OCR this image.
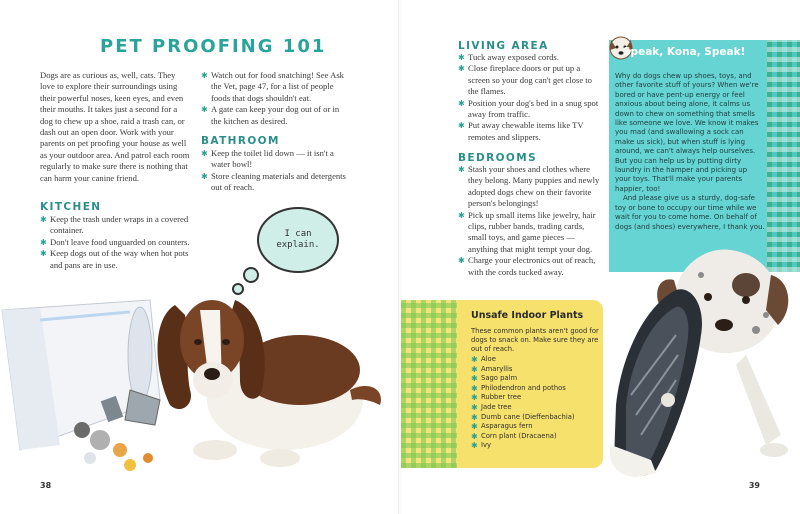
PET PROOFING 101
Dogs are as curious as, well, cats. They love to explore their surroundings using their powerful noses, keen eyes, and even their mouths. It takes just a second for a dog to chew up a shoe, raid a trash can, or dash out an open door. Work with your parents on pet proofing your house as well as your outdoor area. And patrol each room regularly to make sure there is nothing that can harm your canine friend.
KITCHEN
✱ Keep the trash under wraps in a covered container.
✱ Don't leave food unguarded on counters.
✱ Keep dogs out of the way when hot pots and pans are in use.
✱ Watch out for food snatching! See Ask the Vet, page 47, for a list of people foods that dogs shouldn't eat.
✱ A gate can keep your dog out of or in the kitchen as desired.
BATHROOM
✱ Keep the toilet lid down — it isn't a water bowl!
✱ Store cleaning materials and detergents out of reach.
I can
explain.
38
LIVING AREA
✱ Tuck away exposed cords.
✱ Close fireplace doors or put up a screen so your dog can't get close to the flames.
✱ Position your dog's bed in a snug spot away from traffic.
✱ Put away chewable items like TV remotes and slippers.
BEDROOMS
✱ Stash your shoes and clothes where they belong. Many puppies and newly adopted dogs chew on their favorite person's belongings!
✱ Pick up small items like jewelry, hair clips, rubber bands, trading cards, small toys, and game pieces — anything that might tempt your dog.
✱ Charge your electronics out of reach, with the cords tucked away.
Speak, Kona, Speak!

Why do dogs chew up shoes, toys, and other favorite stuff of yours? When we're bored or have pent-up energy or feel anxious about being alone, it calms us down to chew on something that smells like someone we love. We know it makes you mad (and swallowing a sock can make us sick), but when stuff is lying around, we can't always help ourselves. But you can help us by putting dirty laundry in the hamper and picking up your toys. That'll make your parents happier, too!

And please give us a sturdy, dog-safe toy or bone to occupy our time while we wait for you to come home. On behalf of dogs (and shoes) everywhere, I thank you.

Unsafe Indoor Plants
These common plants aren't good for dogs to snack on. Make sure they are out of reach.
✱ Aloe
✱ Amaryllis
✱ Sago palm
✱ Philodendron and pothos
✱ Rubber tree
✱ Jade tree
✱ Dumb cane (Dieffenbachia)
✱ Asparagus fern
✱ Corn plant (Dracaena)
✱ Ivy
39
